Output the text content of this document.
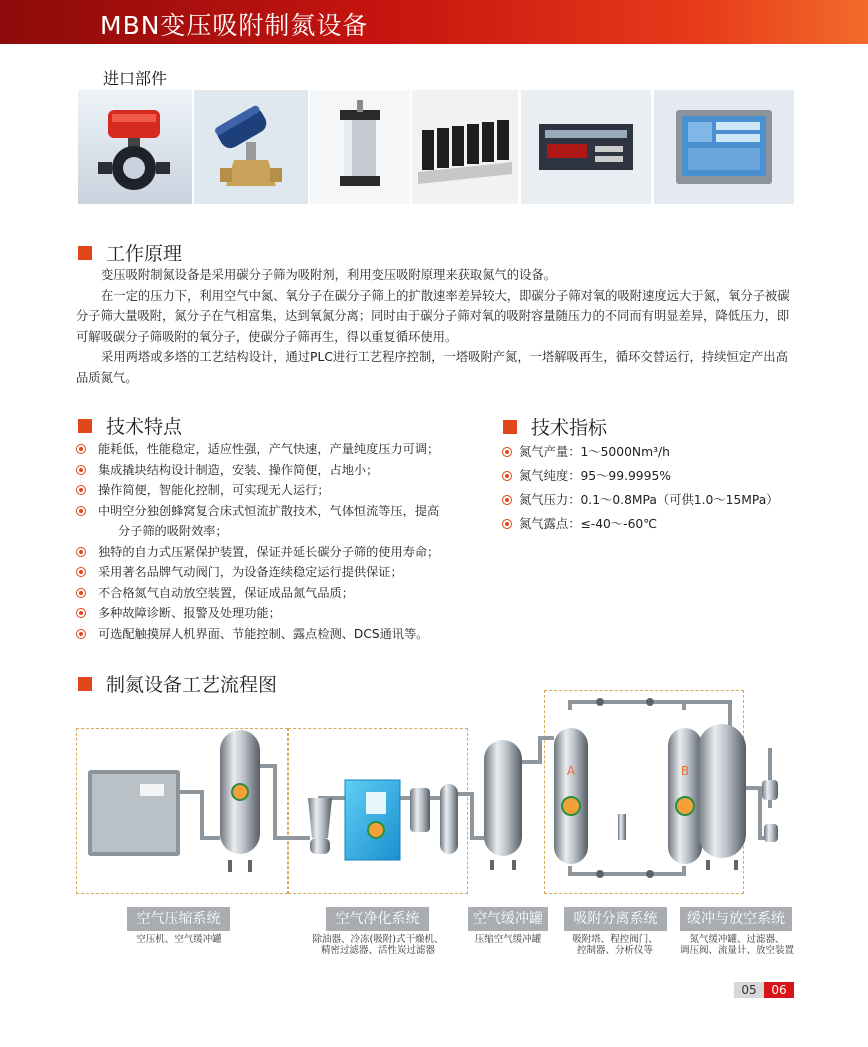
MBN变压吸附制氮设备
进口部件
工作原理

变压吸附制氮设备是采用碳分子筛为吸附剂，利用变压吸附原理来获取氮气的设备。

在一定的压力下，利用空气中氮、氧分子在碳分子筛上的扩散速率差异较大，即碳分子筛对氧的吸附速度远大于氮，氧分子被碳分子筛大量吸附，氮分子在气相富集，达到氧氮分离；同时由于碳分子筛对氧的吸附容量随压力的不同而有明显差异，降低压力，即可解吸碳分子筛吸附的氧分子，使碳分子筛再生，得以重复循环使用。

采用两塔或多塔的工艺结构设计，通过PLC进行工艺程序控制，一塔吸附产氮，一塔解吸再生，循环交替运行，持续恒定产出高品质氮气。

技术特点
能耗低，性能稳定，适应性强，产气快速，产量纯度压力可调；
集成撬块结构设计制造，安装、操作简便，占地小；
操作简便，智能化控制，可实现无人运行；
中明空分独创蜂窝复合床式恒流扩散技术，气体恒流等压，提高
分子筛的吸附效率；
独特的自力式压紧保护装置，保证并延长碳分子筛的使用寿命；
采用著名品牌气动阀门，为设备连续稳定运行提供保证；
不合格氮气自动放空装置，保证成品氮气品质；
多种故障诊断、报警及处理功能；
可选配触摸屏人机界面、节能控制、露点检测、DCS通讯等。
技术指标
氮气产量：1～5000Nm³/h
氮气纯度：95～99.9995%
氮气压力：0.1～0.8MPa（可供1.0～15MPa）
氮气露点：≤-40～-60℃
制氮设备工艺流程图
A	B
空气压缩系统	空气净化系统	空气缓冲罐	吸附分离系统	缓冲与放空系统
空压机、空气缓冲罐	除油器、冷冻(吸附)式干燥机、
精密过滤器、活性炭过滤器
压缩空气缓冲罐	吸附塔、程控阀门、
控制器、分析仪等
氮气缓冲罐、过滤器、
调压阀、流量计、放空装置
05	06
